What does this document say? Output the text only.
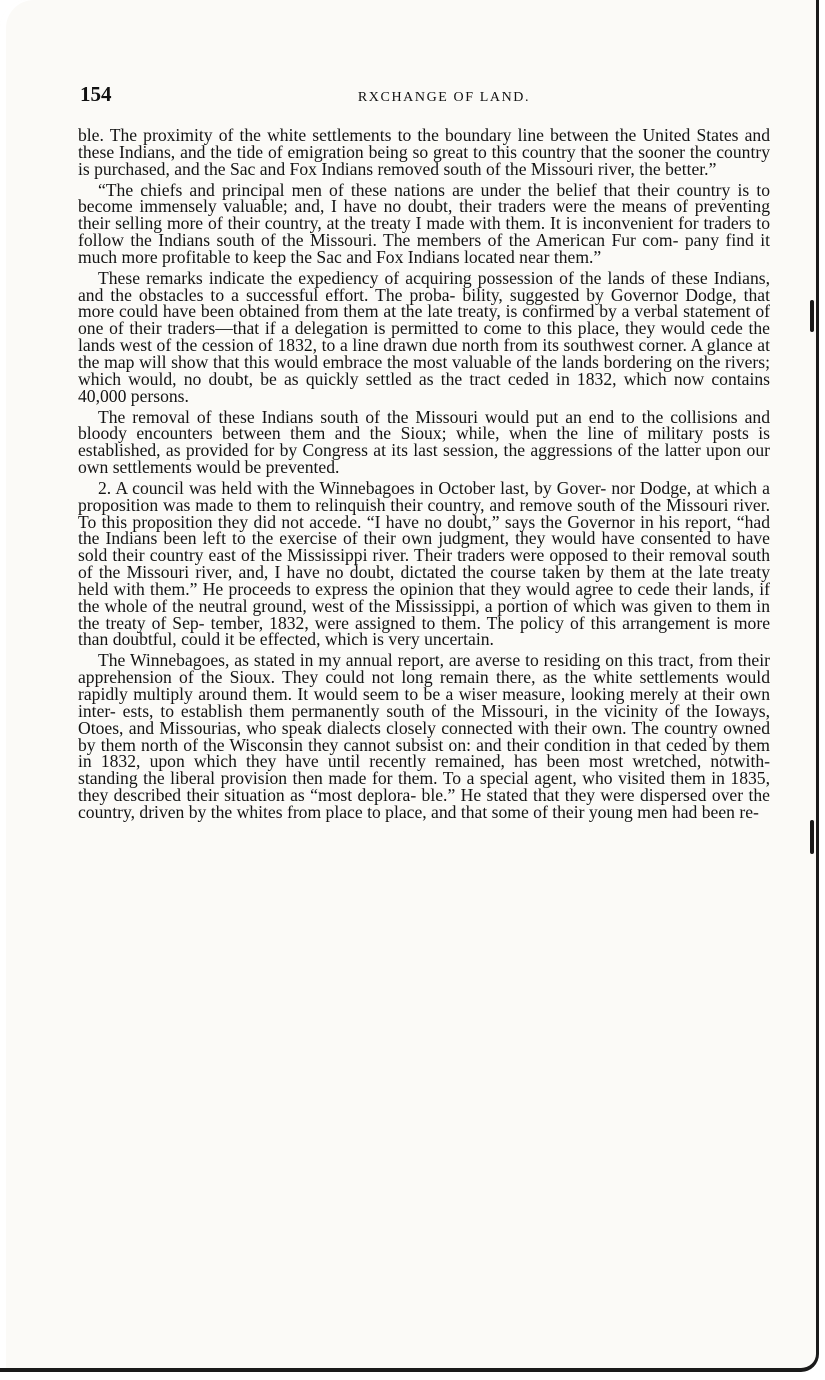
154	RXCHANGE OF LAND.

ble. The proximity of the white settlements to the boundary line between the United States and these Indians, and the tide of emigration being so great to this country that the sooner the country is purchased, and the Sac and Fox Indians removed south of the Missouri river, the better.”

“The chiefs and principal men of these nations are under the belief that their country is to become immensely valuable; and, I have no doubt, their traders were the means of preventing their selling more of their country, at the treaty I made with them. It is inconvenient for traders to follow the Indians south of the Missouri. The members of the American Fur com- pany find it much more profitable to keep the Sac and Fox Indians located near them.”

These remarks indicate the expediency of acquiring possession of the lands of these Indians, and the obstacles to a successful effort. The proba- bility, suggested by Governor Dodge, that more could have been obtained from them at the late treaty, is confirmed by a verbal statement of one of their traders—that if a delegation is permitted to come to this place, they would cede the lands west of the cession of 1832, to a line drawn due north from its southwest corner. A glance at the map will show that this would embrace the most valuable of the lands bordering on the rivers; which would, no doubt, be as quickly settled as the tract ceded in 1832, which now contains 40,000 persons.

The removal of these Indians south of the Missouri would put an end to the collisions and bloody encounters between them and the Sioux; while, when the line of military posts is established, as provided for by Congress at its last session, the aggressions of the latter upon our own settlements would be prevented.

2. A council was held with the Winnebagoes in October last, by Gover- nor Dodge, at which a proposition was made to them to relinquish their country, and remove south of the Missouri river. To this proposition they did not accede. “I have no doubt,” says the Governor in his report, “had the Indians been left to the exercise of their own judgment, they would have consented to have sold their country east of the Mississippi river. Their traders were opposed to their removal south of the Missouri river, and, I have no doubt, dictated the course taken by them at the late treaty held with them.” He proceeds to express the opinion that they would agree to cede their lands, if the whole of the neutral ground, west of the Mississippi, a portion of which was given to them in the treaty of Sep- tember, 1832, were assigned to them. The policy of this arrangement is more than doubtful, could it be effected, which is very uncertain.

The Winnebagoes, as stated in my annual report, are averse to residing on this tract, from their apprehension of the Sioux. They could not long remain there, as the white settlements would rapidly multiply around them. It would seem to be a wiser measure, looking merely at their own inter- ests, to establish them permanently south of the Missouri, in the vicinity of the Ioways, Otoes, and Missourias, who speak dialects closely connected with their own. The country owned by them north of the Wisconsin they cannot subsist on: and their condition in that ceded by them in 1832, upon which they have until recently remained, has been most wretched, notwith- standing the liberal provision then made for them. To a special agent, who visited them in 1835, they described their situation as “most deplora- ble.” He stated that they were dispersed over the country, driven by the whites from place to place, and that some of their young men had been re-
